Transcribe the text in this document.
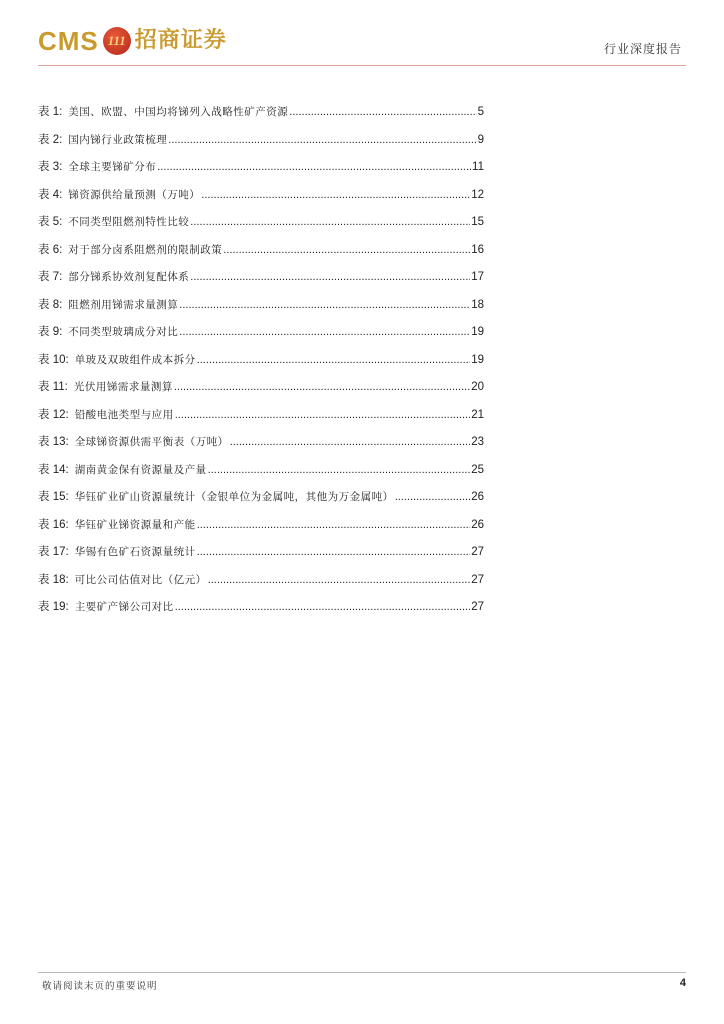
CMS 111 招商证券	行业深度报告
表 1: 美国、欧盟、中国均将锑列入战略性矿产资源 .....	5
表 2: 国内锑行业政策梳理 .....	9
表 3: 全球主要锑矿分布 .....	11
表 4: 锑资源供给量预测（万吨） .....	12
表 5: 不同类型阻燃剂特性比较 .....	15
表 6: 对于部分卤系阻燃剂的限制政策 .....	16
表 7: 部分锑系协效剂复配体系 .....	17
表 8: 阻燃剂用锑需求量测算 .....	18
表 9: 不同类型玻璃成分对比 .....	19
表 10: 单玻及双玻组件成本拆分 .....	19
表 11: 光伏用锑需求量测算 .....	20
表 12: 铅酸电池类型与应用 .....	21
表 13: 全球锑资源供需平衡表（万吨） .....	23
表 14: 湖南黄金保有资源量及产量 .....	25
表 15: 华钰矿业矿山资源量统计（金银单位为金属吨，其他为万金属吨） .....	26
表 16: 华钰矿业锑资源量和产能 .....	26
表 17: 华锡有色矿石资源量统计 .....	27
表 18: 可比公司估值对比（亿元） .....	27
表 19: 主要矿产锑公司对比 .....	27
敬请阅读末页的重要说明	4
